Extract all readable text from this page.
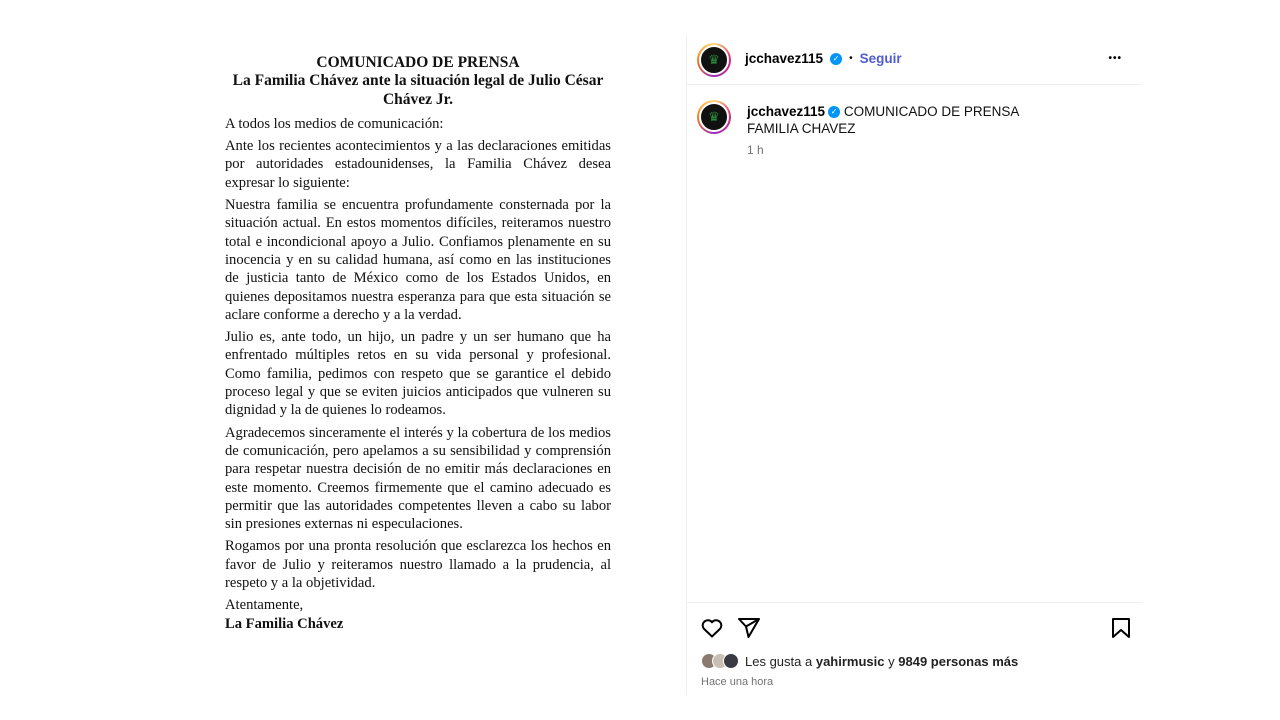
COMUNICADO DE PRENSA
La Familia Chávez ante la situación legal de Julio César Chávez Jr.

A todos los medios de comunicación:

Ante los recientes acontecimientos y a las declaraciones emitidas por autoridades estadounidenses, la Familia Chávez desea expresar lo siguiente:

Nuestra familia se encuentra profundamente consternada por la situación actual. En estos momentos difíciles, reiteramos nuestro total e incondicional apoyo a Julio. Confiamos plenamente en su inocencia y en su calidad humana, así como en las instituciones de justicia tanto de México como de los Estados Unidos, en quienes depositamos nuestra esperanza para que esta situación se aclare conforme a derecho y a la verdad.

Julio es, ante todo, un hijo, un padre y un ser humano que ha enfrentado múltiples retos en su vida personal y profesional. Como familia, pedimos con respeto que se garantice el debido proceso legal y que se eviten juicios anticipados que vulneren su dignidad y la de quienes lo rodeamos.

Agradecemos sinceramente el interés y la cobertura de los medios de comunicación, pero apelamos a su sensibilidad y comprensión para respetar nuestra decisión de no emitir más declaraciones en este momento. Creemos firmemente que el camino adecuado es permitir que las autoridades competentes lleven a cabo su labor sin presiones externas ni especulaciones.

Rogamos por una pronta resolución que esclarezca los hechos en favor de Julio y reiteramos nuestro llamado a la prudencia, al respeto y a la objetividad.

Atentamente,

La Familia Chávez

♛	jcchavez115	✓ • Seguir	•••
♛	jcchavez115 ✓ COMUNICADO DE PRENSA
FAMILIA CHAVEZ
1 h
Les gusta a
yahirmusic
y
9849 personas más
Hace una hora
